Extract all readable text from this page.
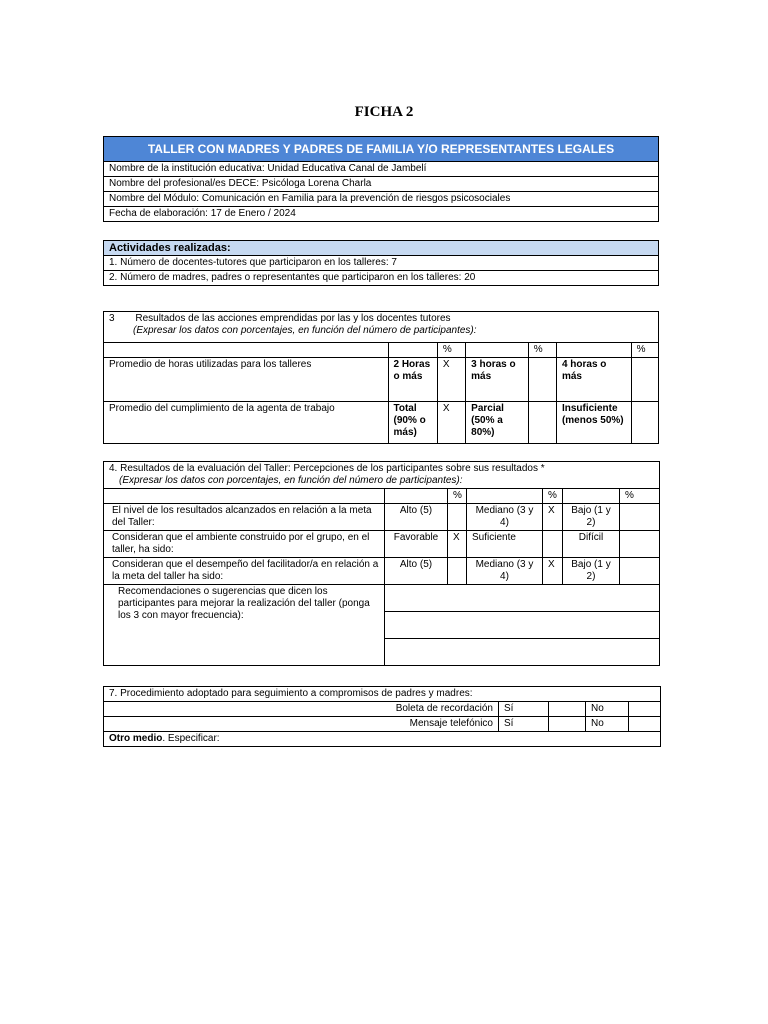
FICHA 2
TALLER CON MADRES Y PADRES DE FAMILIA Y/O REPRESENTANTES LEGALES
Nombre de la institución educativa: Unidad Educativa Canal de Jambelí
Nombre del profesional/es DECE: Psicóloga Lorena Charla
Nombre del Módulo: Comunicación en Familia para la prevención de riesgos psicosociales
Fecha de elaboración: 17 de Enero / 2024
Actividades realizadas:
1. Número de docentes-tutores que participaron en los talleres: 7
2. Número de madres, padres o representantes que participaron en los talleres: 20
3 Resultados de las acciones emprendidas por las y los docentes tutores
(Expresar los datos con porcentajes, en función del número de participantes):						
		%		%		%
Promedio de horas utilizadas para los talleres	2 Horas o más	X	3 horas o más		4 horas o más	
Promedio del cumplimiento de la agenta de trabajo	Total (90% o más)	X	Parcial (50% a 80%)		Insuficiente (menos 50%)	
4. Resultados de la evaluación del Taller: Percepciones de los participantes sobre sus resultados *
(Expresar los datos con porcentajes, en función del número de participantes):						
		%		%		%
El nivel de los resultados alcanzados en relación a la meta del Taller:	Alto (5)		Mediano (3 y 4)	X	Bajo (1 y 2)	
Consideran que el ambiente construido por el grupo, en el taller, ha sido:	Favorable	X	Suficiente		Difícil	
Consideran que el desempeño del facilitador/a en relación a la meta del taller ha sido:	Alto (5)		Mediano (3 y 4)	X	Bajo (1 y 2)	
Recomendaciones o sugerencias que dicen los participantes para mejorar la realización del taller (ponga los 3 con mayor frecuencia):						

7. Procedimiento adoptado para seguimiento a compromisos de padres y madres:				
Boleta de recordación	Sí		No	
Mensaje telefónico	Sí		No	
Otro medio. Especificar:				
